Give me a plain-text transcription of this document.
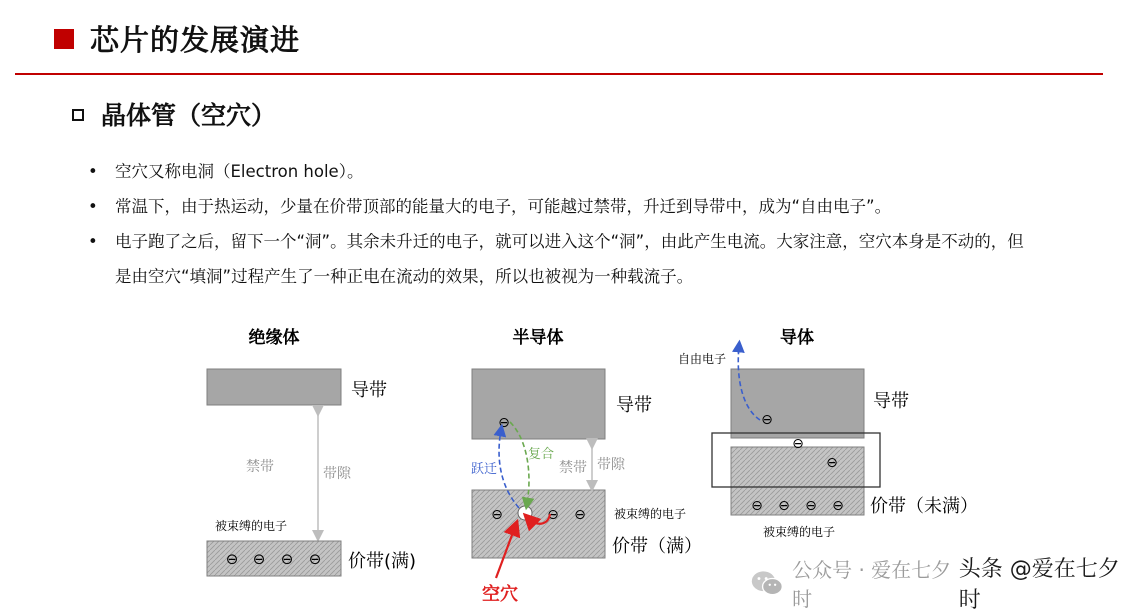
芯片的发展演进
晶体管（空穴）
•	空穴又称电洞（Electron hole）。
•	常温下，由于热运动，少量在价带顶部的能量大的电子，可能越过禁带，升迁到导带中，成为“自由电子”。
•	电子跑了之后，留下一个“洞”。其余未升迁的电子，就可以进入这个“洞”，由此产生电流。大家注意，空穴本身是不动的，但是由空穴“填洞”过程产生了一种正电在流动的效果，所以也被视为一种载流子。
绝缘体
导带
禁带	带隙
被束缚的电子
⊖ ⊖ ⊖ ⊖ 价带(满)
半导体
导带
⊖
⊖	⊖ ⊖
跃迁
复合
禁带 带隙
被束缚的电子
价带（满）
空穴
导体
自由电子
⊖
⊖
⊖
⊖ ⊖ ⊖ ⊖
导带
价带（未满）
被束缚的电子
公众号 · 爱在七夕时
头条 @爱在七夕时
